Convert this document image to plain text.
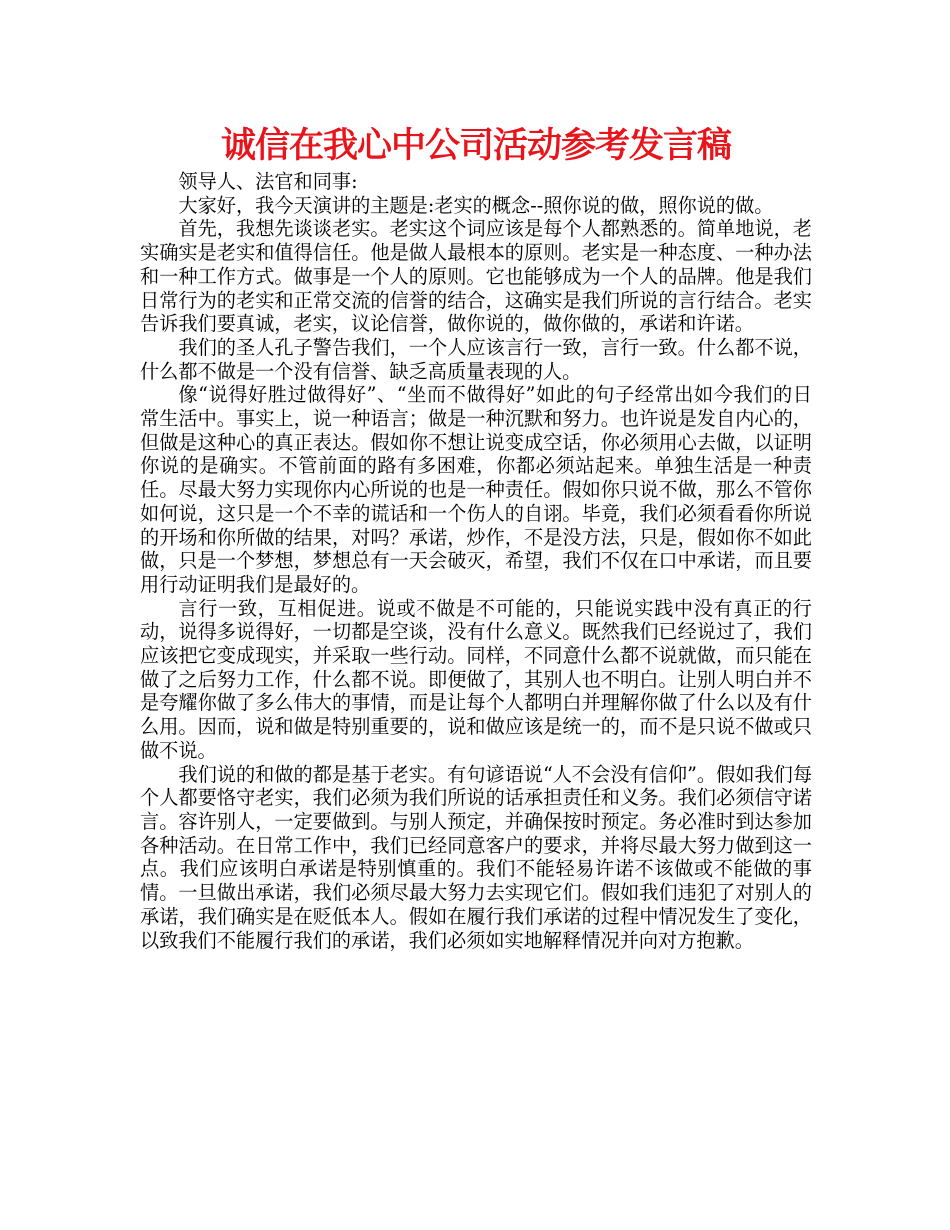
诚信在我心中公司活动参考发言稿

领导人、法官和同事:

大家好，我今天演讲的主题是:老实的概念--照你说的做，照你说的做。

首先，我想先谈谈老实。老实这个词应该是每个人都熟悉的。简单地说，老实确实是老实和值得信任。他是做人最根本的原则。老实是一种态度、一种办法和一种工作方式。做事是一个人的原则。它也能够成为一个人的品牌。他是我们日常行为的老实和正常交流的信誉的结合，这确实是我们所说的言行结合。老实告诉我们要真诚，老实，议论信誉，做你说的，做你做的，承诺和许诺。

我们的圣人孔子警告我们，一个人应该言行一致，言行一致。什么都不说，什么都不做是一个没有信誉、缺乏高质量表现的人。

像“说得好胜过做得好”、“坐而不做得好”如此的句子经常出如今我们的日常生活中。事实上，说一种语言；做是一种沉默和努力。也许说是发自内心的，但做是这种心的真正表达。假如你不想让说变成空话，你必须用心去做，以证明你说的是确实。不管前面的路有多困难，你都必须站起来。单独生活是一种责任。尽最大努力实现你内心所说的也是一种责任。假如你只说不做，那么不管你如何说，这只是一个不幸的谎话和一个伤人的自诩。毕竟，我们必须看看你所说的开场和你所做的结果，对吗？承诺，炒作，不是没方法，只是，假如你不如此做，只是一个梦想，梦想总有一天会破灭，希望，我们不仅在口中承诺，而且要用行动证明我们是最好的。

言行一致，互相促进。说或不做是不可能的，只能说实践中没有真正的行动，说得多说得好，一切都是空谈，没有什么意义。既然我们已经说过了，我们应该把它变成现实，并采取一些行动。同样，不同意什么都不说就做，而只能在做了之后努力工作，什么都不说。即便做了，其别人也不明白。让别人明白并不是夸耀你做了多么伟大的事情，而是让每个人都明白并理解你做了什么以及有什么用。因而，说和做是特别重要的，说和做应该是统一的，而不是只说不做或只做不说。

我们说的和做的都是基于老实。有句谚语说“人不会没有信仰”。假如我们每个人都要恪守老实，我们必须为我们所说的话承担责任和义务。我们必须信守诺言。容许别人，一定要做到。与别人预定，并确保按时预定。务必准时到达参加各种活动。在日常工作中，我们已经同意客户的要求，并将尽最大努力做到这一点。我们应该明白承诺是特别慎重的。我们不能轻易许诺不该做或不能做的事情。一旦做出承诺，我们必须尽最大努力去实现它们。假如我们违犯了对别人的承诺，我们确实是在贬低本人。假如在履行我们承诺的过程中情况发生了变化，以致我们不能履行我们的承诺，我们必须如实地解释情况并向对方抱歉。
